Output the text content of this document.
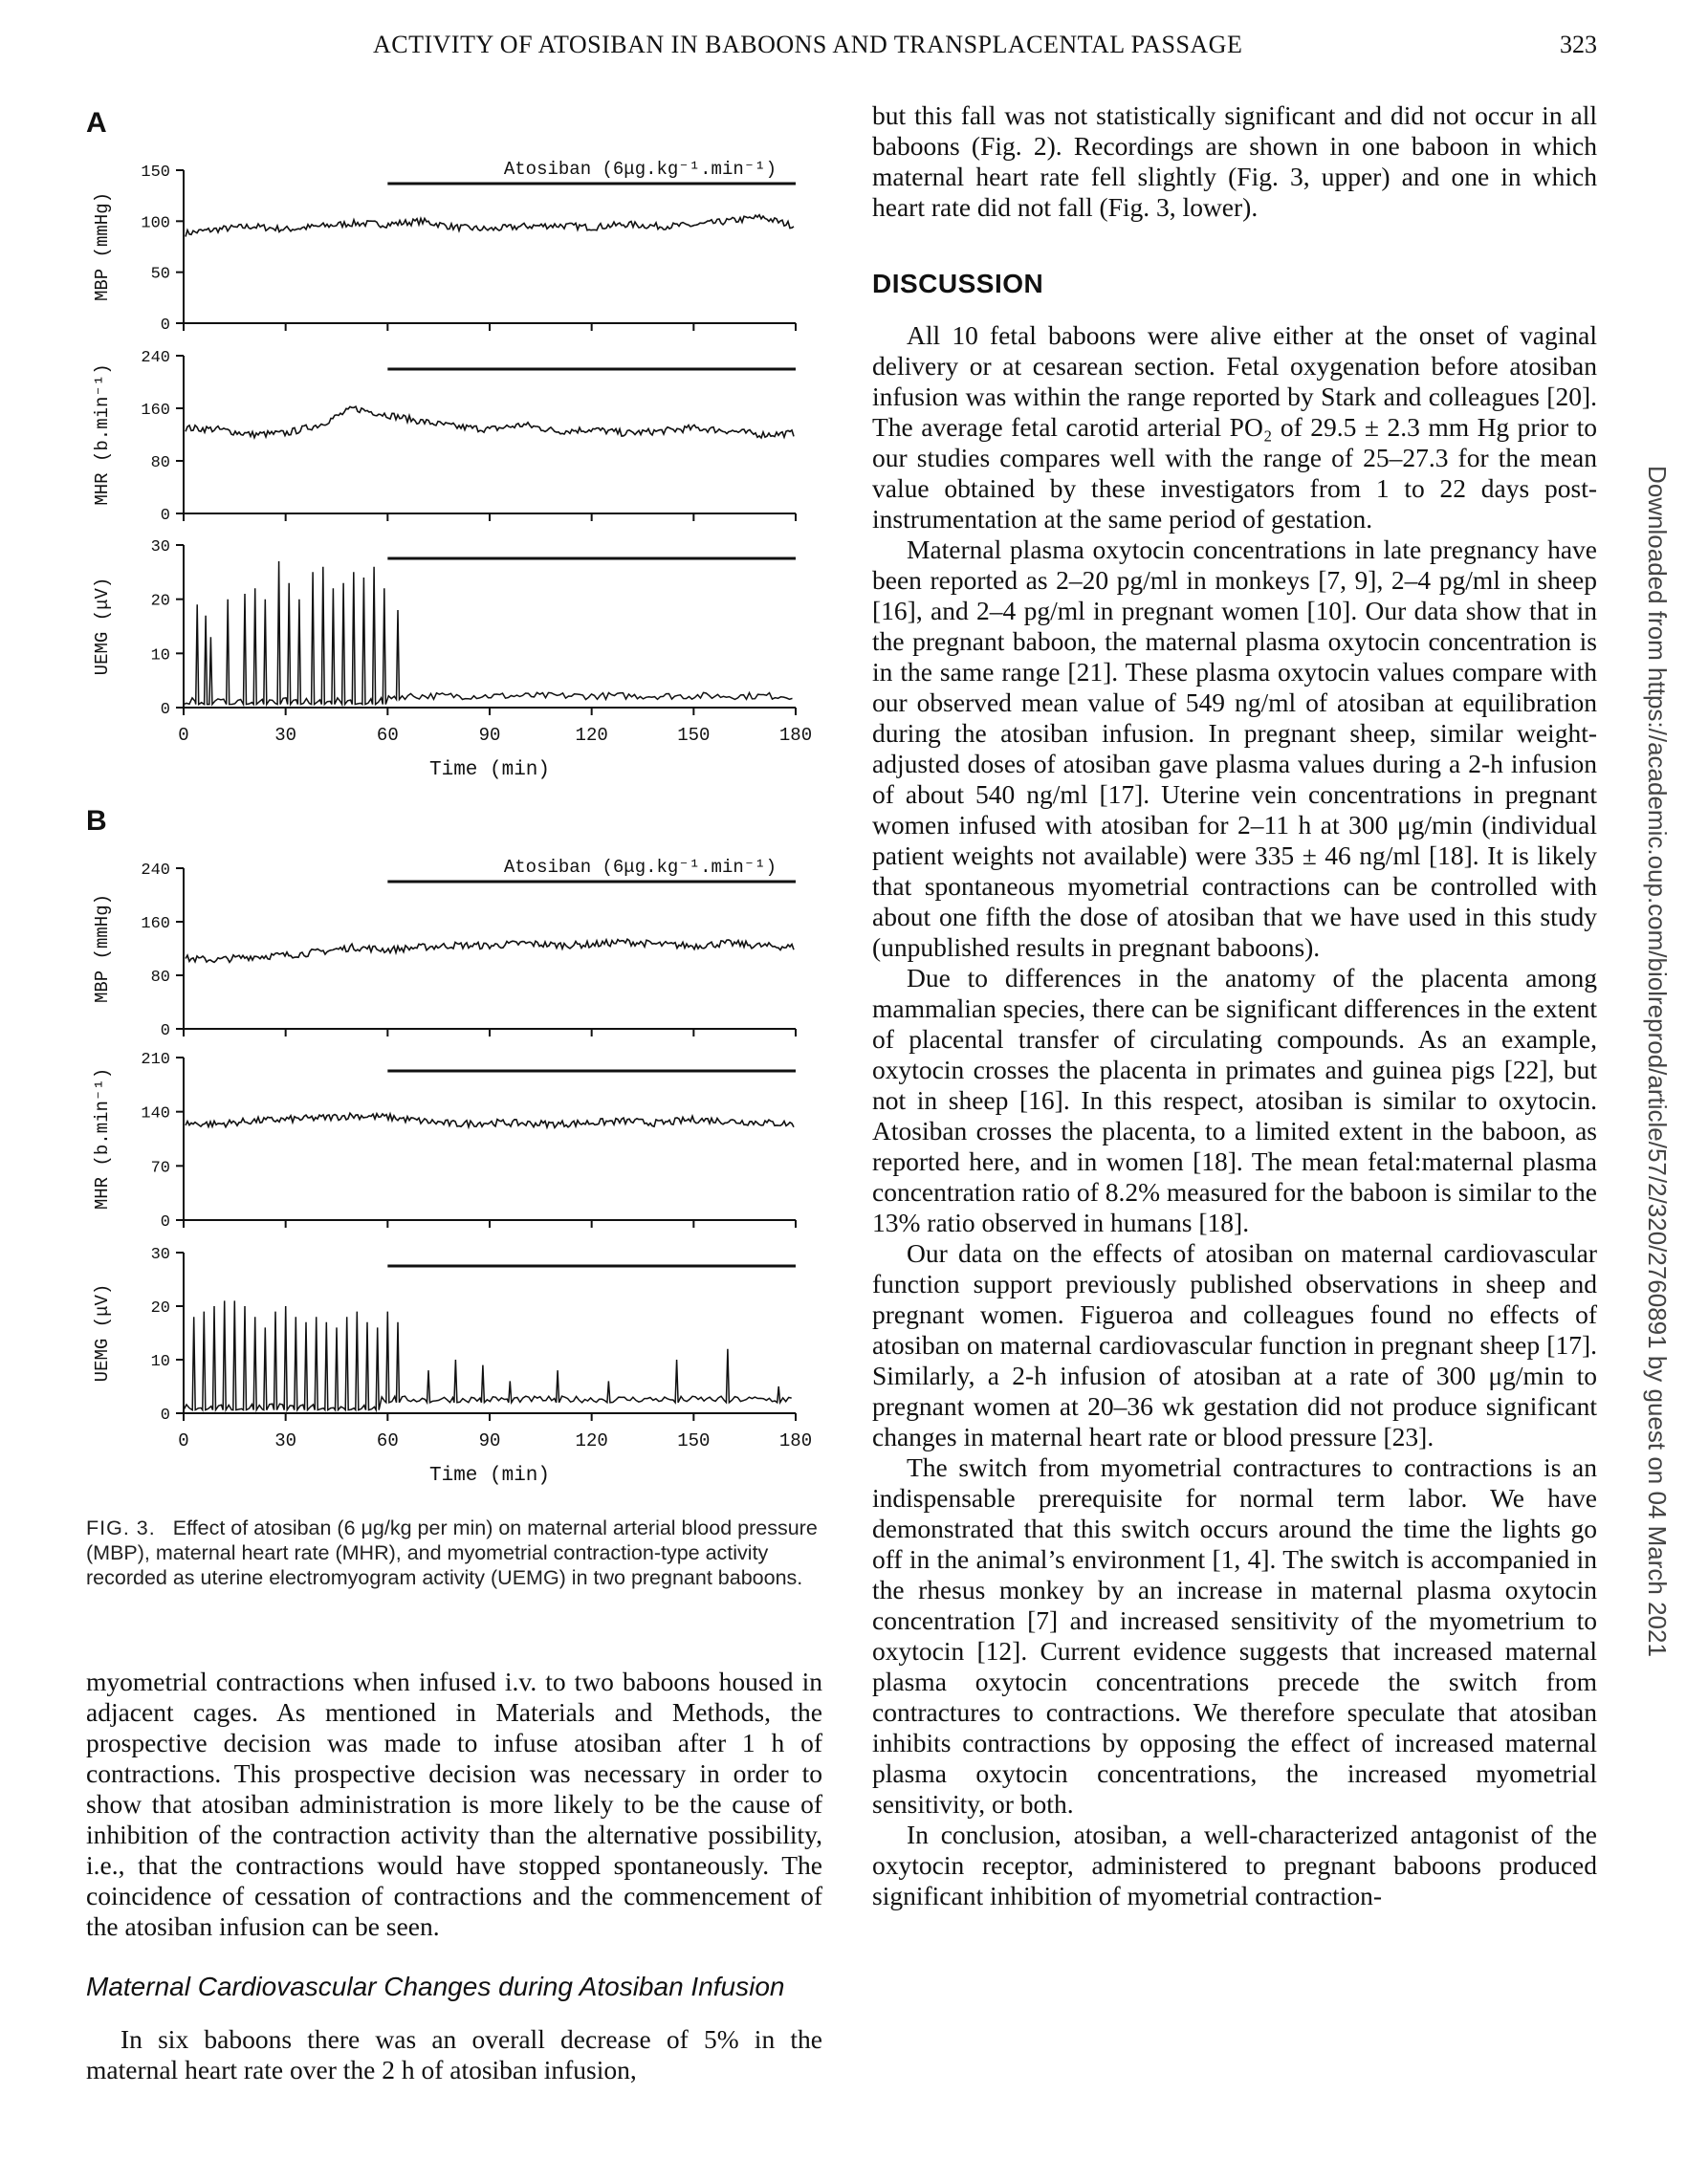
ACTIVITY OF ATOSIBAN IN BABOONS AND TRANSPLACENTAL PASSAGE	323
Downloaded from https://academic.oup.com/biolreprod/article/57/2/320/2760891 by guest on 04 March 2021
A
B
0
50
100
150
MBP (mmHg)
Atosiban (6μg.kg⁻¹.min⁻¹)
0
80
160
240
MHR (b.min⁻¹)
0
10
20
30
UEMG (μV)
0	30	60	90	120	150	180
Time (min)
0
80
160
240
MBP (mmHg)
Atosiban (6μg.kg⁻¹.min⁻¹)
0
70
140
210
MHR (b.min⁻¹)
0
10
20
30
UEMG (μV)
0	30	60	90	120	150	180
Time (min)
FIG. 3. Effect of atosiban (6 μg/kg per min) on maternal arterial blood pressure (MBP), maternal heart rate (MHR), and myometrial contraction-type activity recorded as uterine electromyogram activity (UEMG) in two pregnant baboons.

myometrial contractions when infused i.v. to two baboons housed in adjacent cages. As mentioned in Materials and Methods, the prospective decision was made to infuse atosiban after 1 h of contractions. This prospective decision was necessary in order to show that atosiban administration is more likely to be the cause of inhibition of the contraction activity than the alternative possibility, i.e., that the contractions would have stopped spontaneously. The coincidence of cessation of contractions and the commencement of the atosiban infusion can be seen.

Maternal Cardiovascular Changes during Atosiban Infusion

In six baboons there was an overall decrease of 5% in the maternal heart rate over the 2 h of atosiban infusion,

but this fall was not statistically significant and did not occur in all baboons (Fig. 2). Recordings are shown in one baboon in which maternal heart rate fell slightly (Fig. 3, upper) and one in which heart rate did not fall (Fig. 3, lower).

DISCUSSION

All 10 fetal baboons were alive either at the onset of vaginal delivery or at cesarean section. Fetal oxygenation before atosiban infusion was within the range reported by Stark and colleagues [20]. The average fetal carotid arterial PO₂ of 29.5 ± 2.3 mm Hg prior to our studies compares well with the range of 25–27.3 for the mean value obtained by these investigators from 1 to 22 days post-instrumentation at the same period of gestation.

Maternal plasma oxytocin concentrations in late pregnancy have been reported as 2–20 pg/ml in monkeys [7, 9], 2–4 pg/ml in sheep [16], and 2–4 pg/ml in pregnant women [10]. Our data show that in the pregnant baboon, the maternal plasma oxytocin concentration is in the same range [21]. These plasma oxytocin values compare with our observed mean value of 549 ng/ml of atosiban at equilibration during the atosiban infusion. In pregnant sheep, similar weight-adjusted doses of atosiban gave plasma values during a 2-h infusion of about 540 ng/ml [17]. Uterine vein concentrations in pregnant women infused with atosiban for 2–11 h at 300 μg/min (individual patient weights not available) were 335 ± 46 ng/ml [18]. It is likely that spontaneous myometrial contractions can be controlled with about one fifth the dose of atosiban that we have used in this study (unpublished results in pregnant baboons).

Due to differences in the anatomy of the placenta among mammalian species, there can be significant differences in the extent of placental transfer of circulating compounds. As an example, oxytocin crosses the placenta in primates and guinea pigs [22], but not in sheep [16]. In this respect, atosiban is similar to oxytocin. Atosiban crosses the placenta, to a limited extent in the baboon, as reported here, and in women [18]. The mean fetal:maternal plasma concentration ratio of 8.2% measured for the baboon is similar to the 13% ratio observed in humans [18].

Our data on the effects of atosiban on maternal cardiovascular function support previously published observations in sheep and pregnant women. Figueroa and colleagues found no effects of atosiban on maternal cardiovascular function in pregnant sheep [17]. Similarly, a 2-h infusion of atosiban at a rate of 300 μg/min to pregnant women at 20–36 wk gestation did not produce significant changes in maternal heart rate or blood pressure [23].

The switch from myometrial contractures to contractions is an indispensable prerequisite for normal term labor. We have demonstrated that this switch occurs around the time the lights go off in the animal’s environment [1, 4]. The switch is accompanied in the rhesus monkey by an increase in maternal plasma oxytocin concentration [7] and increased sensitivity of the myometrium to oxytocin [12]. Current evidence suggests that increased maternal plasma oxytocin concentrations precede the switch from contractures to contractions. We therefore speculate that atosiban inhibits contractions by opposing the effect of increased maternal plasma oxytocin concentrations, the increased myometrial sensitivity, or both.

In conclusion, atosiban, a well-characterized antagonist of the oxytocin receptor, administered to pregnant baboons produced significant inhibition of myometrial contraction-
